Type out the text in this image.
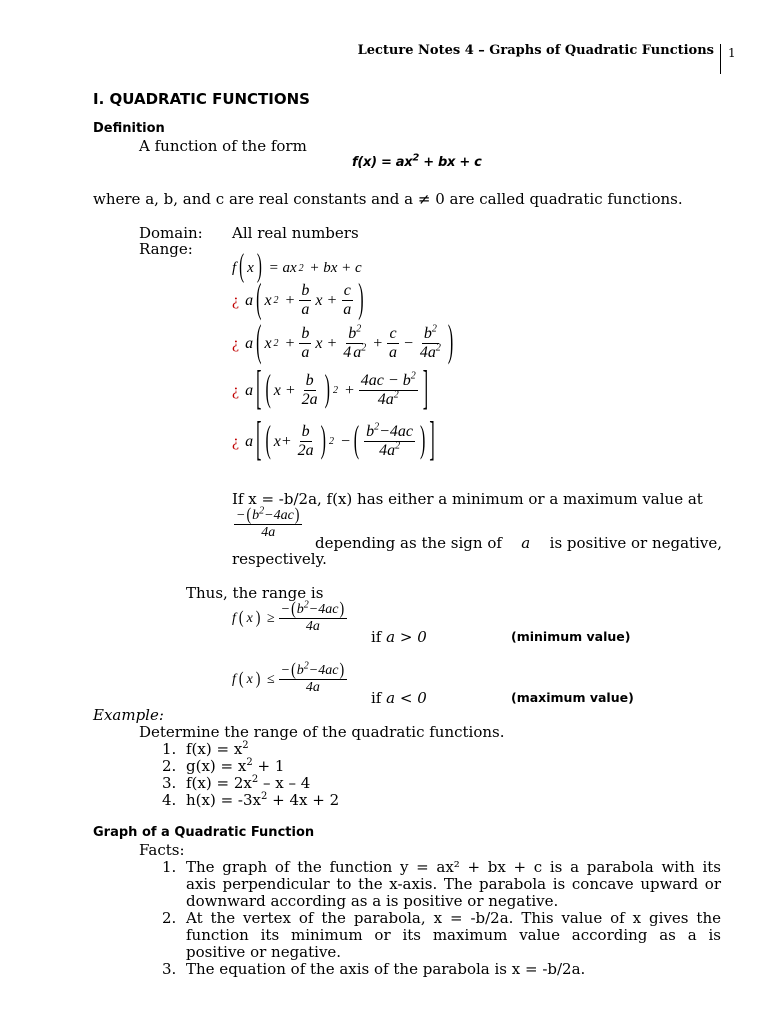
Lecture Notes 4 – Graphs of Quadratic Functions 1
I. QUADRATIC FUNCTIONS
Definition
A function of the form
$f(x) = ax^2$ + bx + c
where a, b, and c are real constants and a ≠ 0 are called quadratic functions.
Domain: All real numbers
Range:
f ( x ) = ax 2 + bx + c
¿ a ( x $2 + \frac{b}{a}$ $x + \frac{c}{a}$ )
¿ a ( x $2 + \frac{b}{a}$ $x + \frac{b^2}{4 a^2} + \frac{c}{a} - \frac{b^2}{4a^2}$ )
¿ a [ ( $x + \frac{b}{2a}$ ) $2 + \frac{4ac - b^2}{4a^2}$ ]
¿ a [ ( $x+ \frac{b}{2a}$ ) 2 − ( $\frac{b^2-4ac}{4a^2}$ ) ]
If x = -b/2a, f(x) has either a minimum or a maximum value at
$\frac{-(b^2-4ac)}{4a}$
depending as the sign of a is positive or negative,
respectively.
Thus, the range is
f ( x ) ≥ $\frac{-(b^2-4ac)}{4a}$
if a > 0	(minimum value)
f ( x ) ≤ $\frac{-(b^2-4ac)}{4a}$
if a < 0	(maximum value)
Example:
Determine the range of the quadratic functions.
1. $f(x) = x^2$
2. $g(x) = x^2 + 1$
3. $f(x) = 2x^2 - x - 4$
4. $h(x) = -3x^2 + 4x + 2$
Graph of a Quadratic Function
Facts:
1. The graph of the function y = ax² + bx + c is a parabola with its
axis perpendicular to the x-axis. The parabola is concave upward or
downward according as a is positive or negative.
2. At the vertex of the parabola, x = -b/2a. This value of x gives the
function its minimum or its maximum value according as a is
positive or negative.
3. The equation of the axis of the parabola is x = -b/2a.
